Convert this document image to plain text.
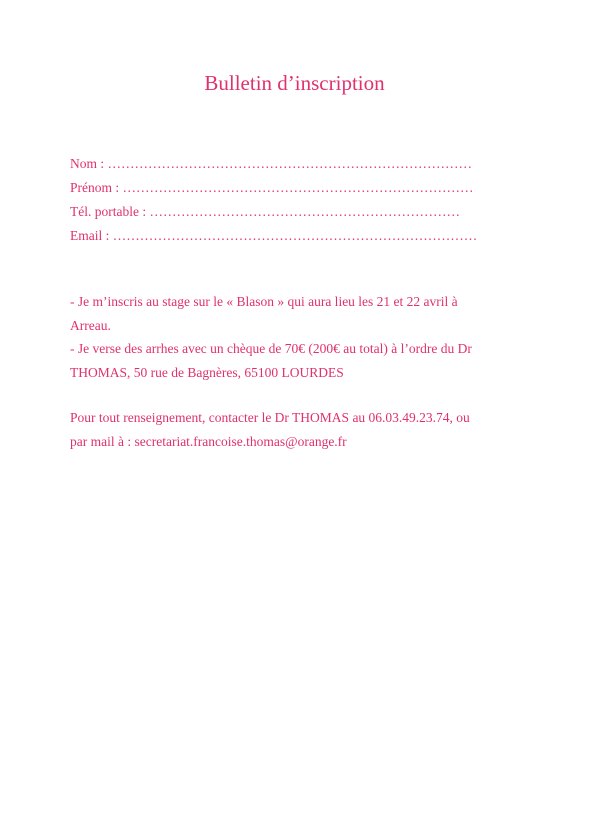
Bulletin d’inscription
Nom : ………………………………………………………………………
Prénom : ……………………………………………………………………
Tél. portable : ……………………………………………………………
Email : ………………………………………………………………………
- Je m’inscris au stage sur le « Blason » qui aura lieu les 21 et 22 avril à
Arreau.
- Je verse des arrhes avec un chèque de 70€ (200€ au total) à l’ordre du Dr
THOMAS, 50 rue de Bagnères, 65100 LOURDES
Pour tout renseignement, contacter le Dr THOMAS au 06.03.49.23.74, ou
par mail à : secretariat.francoise.thomas@orange.fr
